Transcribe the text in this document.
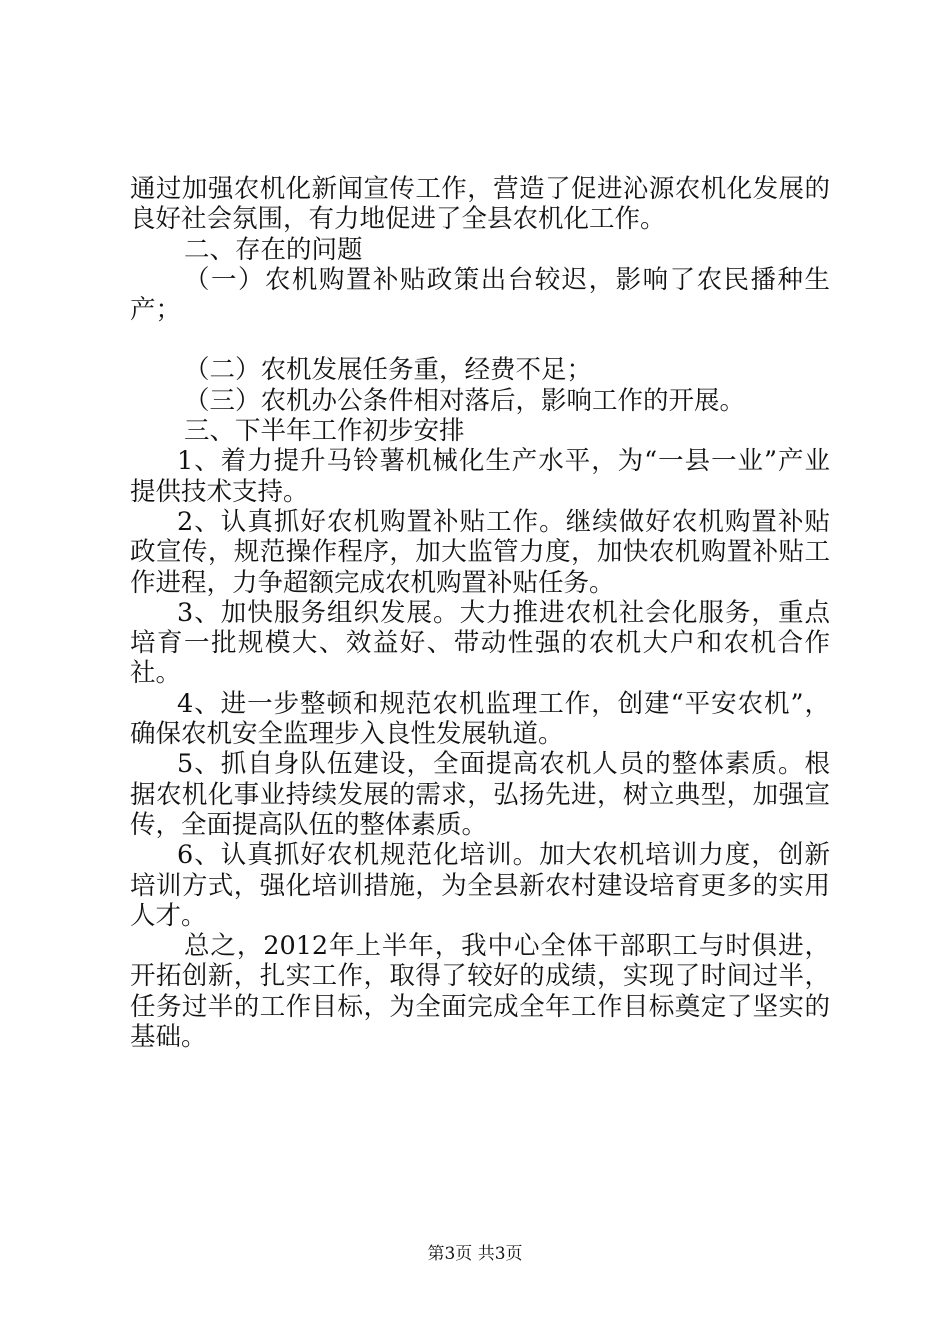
通过加强农机化新闻宣传工作，营造了促进沁源农机化发展的良好社会氛围，有力地促进了全县农机化工作。

二、存在的问题

（一）农机购置补贴政策出台较迟，影响了农民播种生产；

（二）农机发展任务重，经费不足；

（三）农机办公条件相对落后，影响工作的开展。

三、下半年工作初步安排

1、着力提升马铃薯机械化生产水平，为“一县一业”产业提供技术支持。

2、认真抓好农机购置补贴工作。继续做好农机购置补贴政宣传，规范操作程序，加大监管力度，加快农机购置补贴工作进程，力争超额完成农机购置补贴任务。

3、加快服务组织发展。大力推进农机社会化服务，重点培育一批规模大、效益好、带动性强的农机大户和农机合作社。

4、进一步整顿和规范农机监理工作，创建“平安农机”，确保农机安全监理步入良性发展轨道。

5、抓自身队伍建设，全面提高农机人员的整体素质。根据农机化事业持续发展的需求，弘扬先进，树立典型，加强宣传，全面提高队伍的整体素质。

6、认真抓好农机规范化培训。加大农机培训力度，创新培训方式，强化培训措施，为全县新农村建设培育更多的实用人才。

总之，2012年上半年，我中心全体干部职工与时俱进，开拓创新，扎实工作，取得了较好的成绩，实现了时间过半，任务过半的工作目标，为全面完成全年工作目标奠定了坚实的基础。

第3页 共3页
